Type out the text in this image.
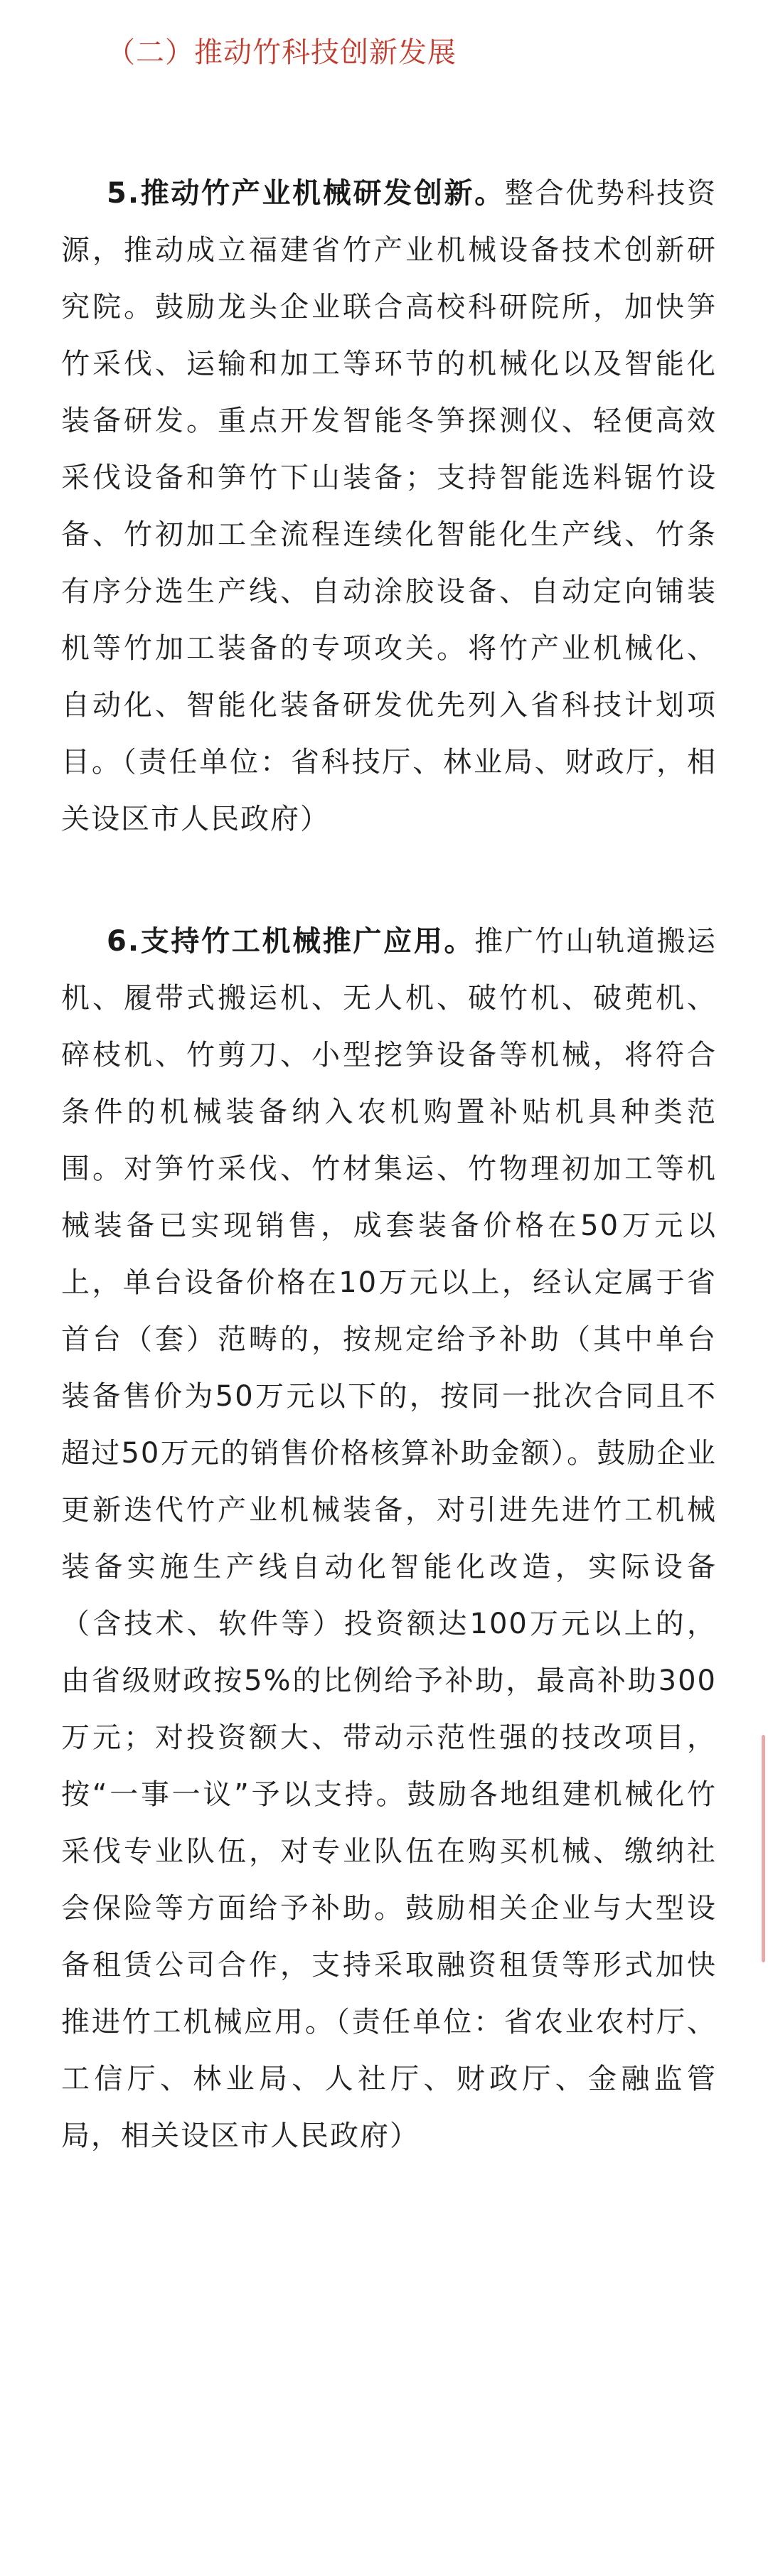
（二）推动竹科技创新发展

5.推动竹产业机械研发创新。整合优势科技资源，推动成立福建省竹产业机械设备技术创新研究院。鼓励龙头企业联合高校科研院所，加快笋竹采伐、运输和加工等环节的机械化以及智能化装备研发。重点开发智能冬笋探测仪、轻便高效采伐设备和笋竹下山装备；支持智能选料锯竹设备、竹初加工全流程连续化智能化生产线、竹条有序分选生产线、自动涂胶设备、自动定向铺装机等竹加工装备的专项攻关。将竹产业机械化、自动化、智能化装备研发优先列入省科技计划项目。（责任单位：省科技厅、林业局、财政厅，相关设区市人民政府）

6.支持竹工机械推广应用。推广竹山轨道搬运机、履带式搬运机、无人机、破竹机、破蔸机、碎枝机、竹剪刀、小型挖笋设备等机械，将符合条件的机械装备纳入农机购置补贴机具种类范围。对笋竹采伐、竹材集运、竹物理初加工等机械装备已实现销售，成套装备价格在50万元以上，单台设备价格在10万元以上，经认定属于省首台（套）范畴的，按规定给予补助（其中单台装备售价为50万元以下的，按同一批次合同且不超过50万元的销售价格核算补助金额）。鼓励企业更新迭代竹产业机械装备，对引进先进竹工机械装备实施生产线自动化智能化改造，实际设备（含技术、软件等）投资额达100万元以上的，由省级财政按5%的比例给予补助，最高补助300万元；对投资额大、带动示范性强的技改项目，按“一事一议”予以支持。鼓励各地组建机械化竹采伐专业队伍，对专业队伍在购买机械、缴纳社会保险等方面给予补助。鼓励相关企业与大型设备租赁公司合作，支持采取融资租赁等形式加快推进竹工机械应用。（责任单位：省农业农村厅、工信厅、林业局、人社厅、财政厅、金融监管局，相关设区市人民政府）
